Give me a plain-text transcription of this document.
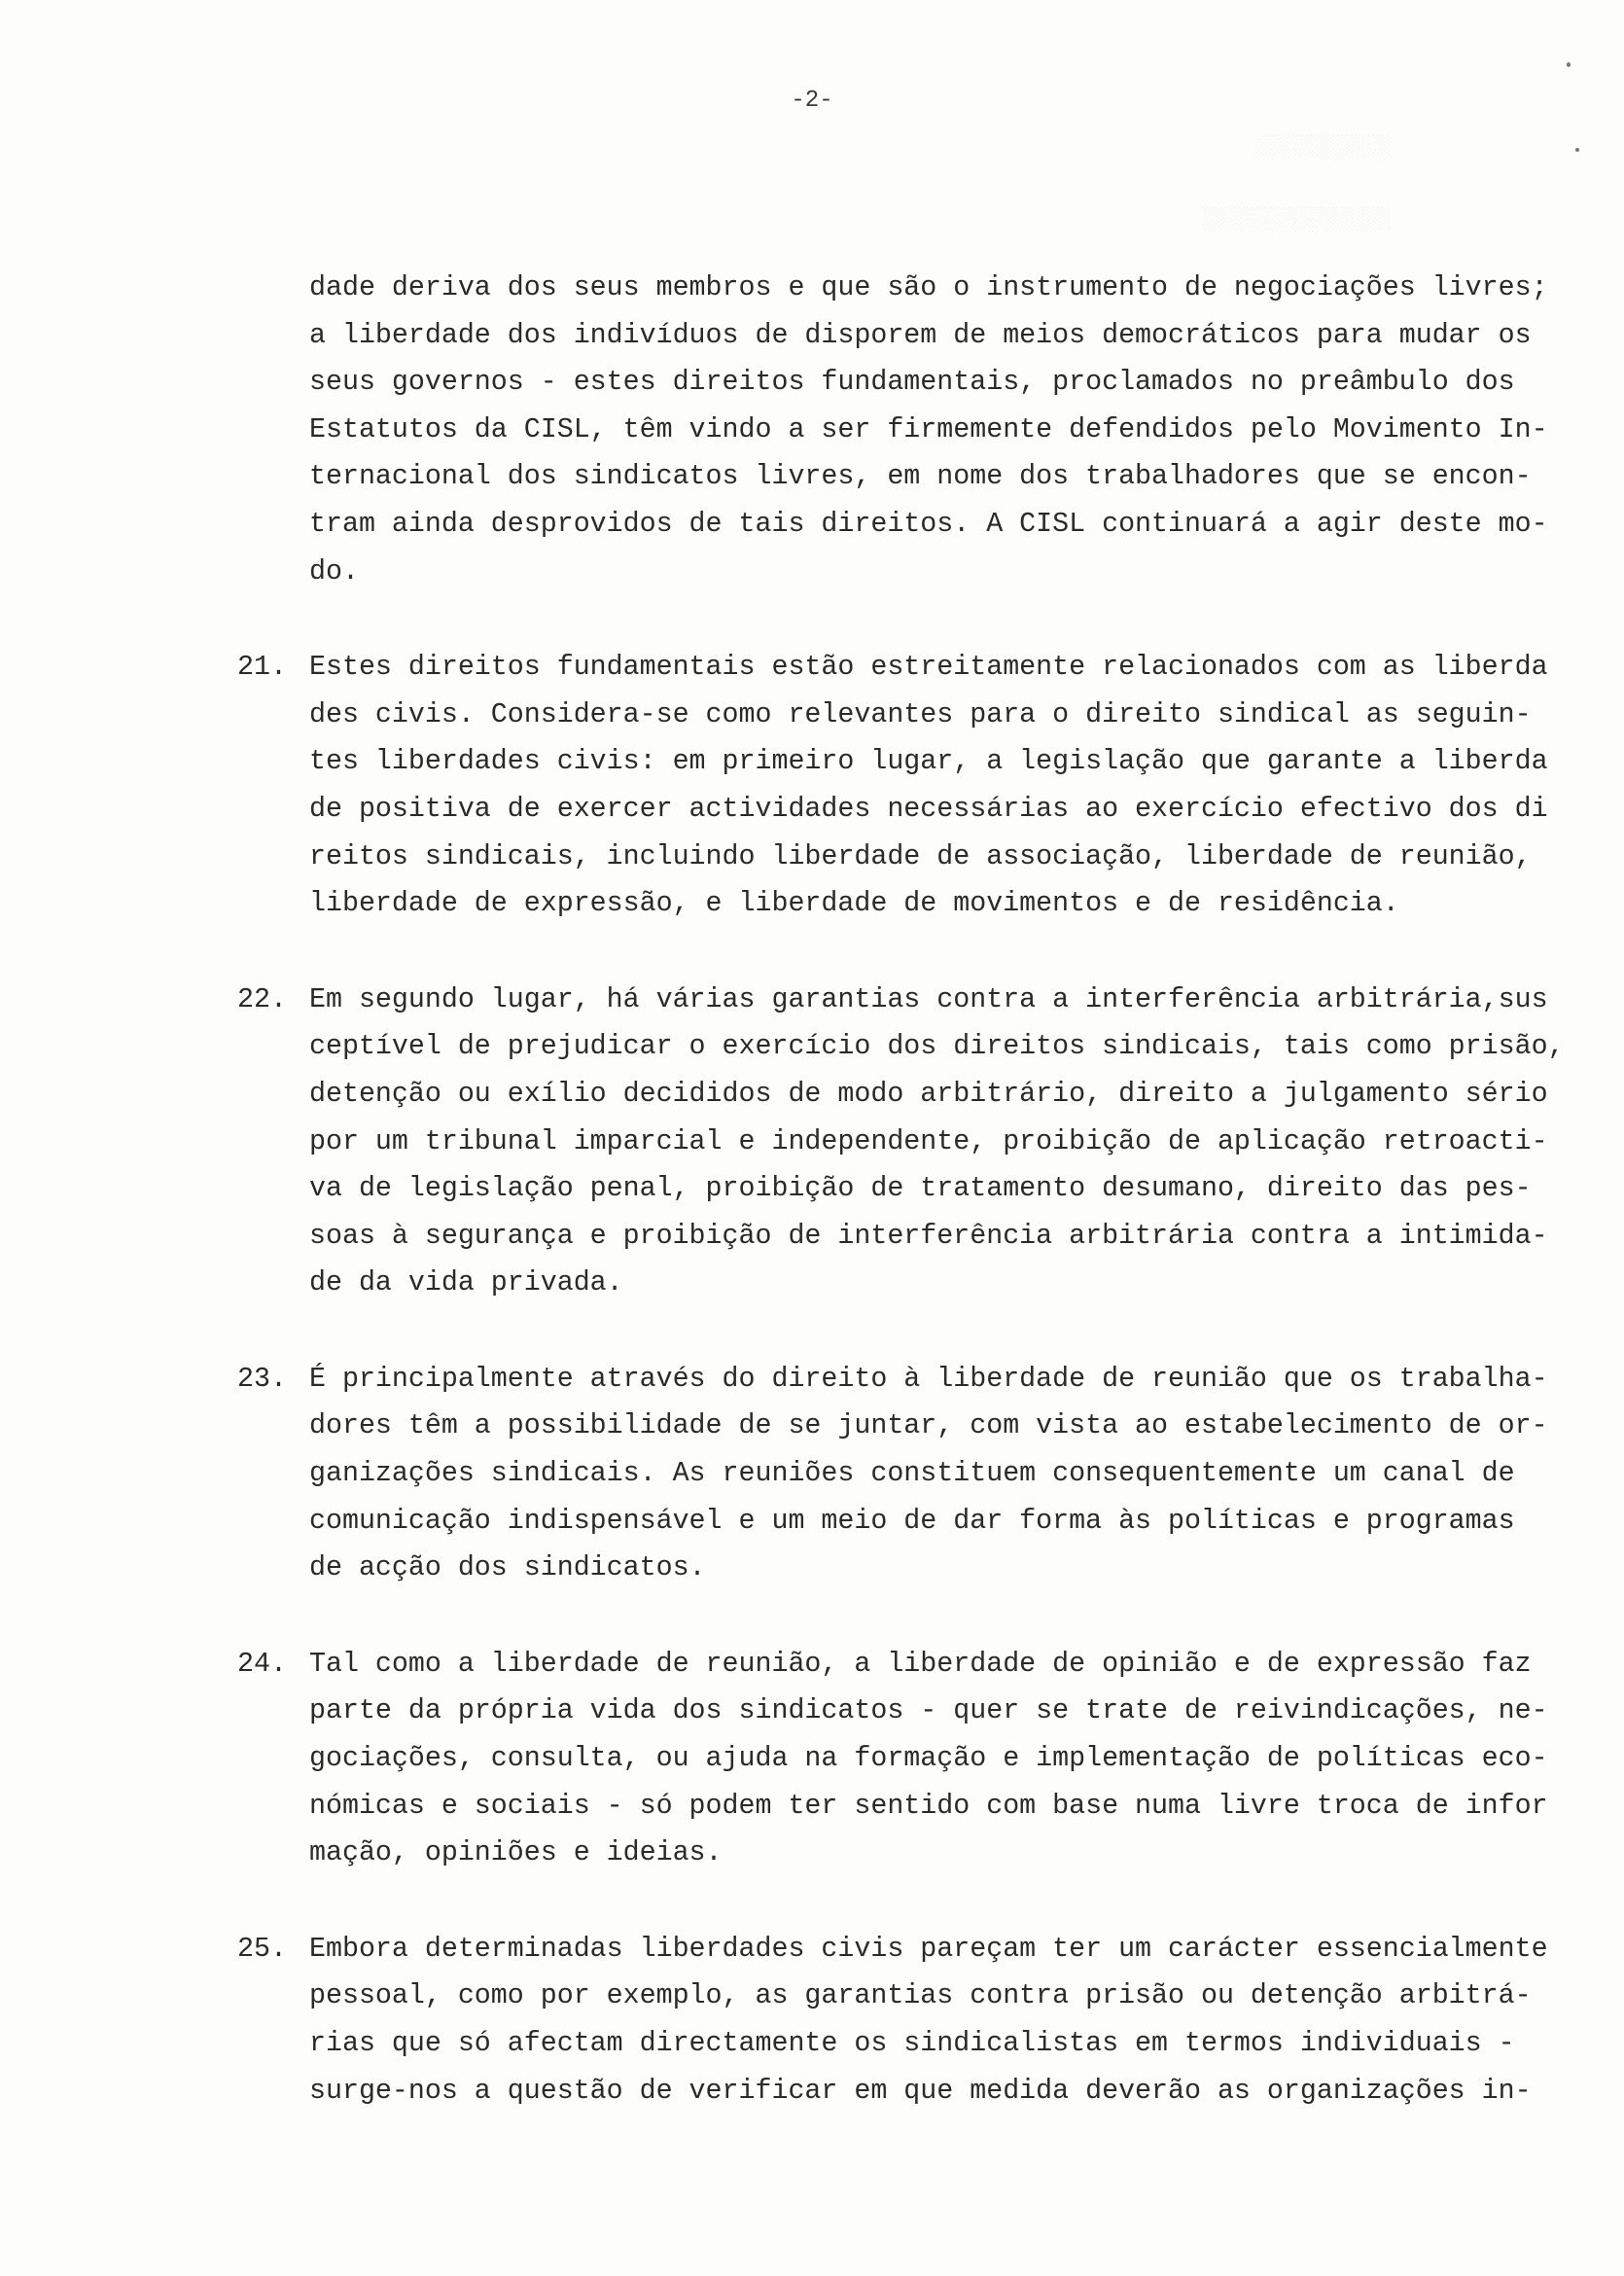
░░░░░░░░░░
░░░░░░░░░░░░░░
-2-
dade deriva dos seus membros e que são o instrumento de negociações livres;
a liberdade dos indivíduos de disporem de meios democráticos para mudar os
seus governos - estes direitos fundamentais, proclamados no preâmbulo dos
Estatutos da CISL, têm vindo a ser firmemente defendidos pelo Movimento In-
ternacional dos sindicatos livres, em nome dos trabalhadores que se encon-
tram ainda desprovidos de tais direitos. A CISL continuará a agir deste mo-
do.
21. Estes direitos fundamentais estão estreitamente relacionados com as liberda
des civis. Considera-se como relevantes para o direito sindical as seguin-
tes liberdades civis: em primeiro lugar, a legislação que garante a liberda
de positiva de exercer actividades necessárias ao exercício efectivo dos di
reitos sindicais, incluindo liberdade de associação, liberdade de reunião,
liberdade de expressão, e liberdade de movimentos e de residência.
22. Em segundo lugar, há várias garantias contra a interferência arbitrária,sus
ceptível de prejudicar o exercício dos direitos sindicais, tais como prisão,
detenção ou exílio decididos de modo arbitrário, direito a julgamento sério
por um tribunal imparcial e independente, proibição de aplicação retroacti-
va de legislação penal, proibição de tratamento desumano, direito das pes-
soas à segurança e proibição de interferência arbitrária contra a intimida-
de da vida privada.
23. É principalmente através do direito à liberdade de reunião que os trabalha-
dores têm a possibilidade de se juntar, com vista ao estabelecimento de or-
ganizações sindicais. As reuniões constituem consequentemente um canal de
comunicação indispensável e um meio de dar forma às políticas e programas
de acção dos sindicatos.
24. Tal como a liberdade de reunião, a liberdade de opinião e de expressão faz
parte da própria vida dos sindicatos - quer se trate de reivindicações, ne-
gociações, consulta, ou ajuda na formação e implementação de políticas eco-
nómicas e sociais - só podem ter sentido com base numa livre troca de infor
mação, opiniões e ideias.
25. Embora determinadas liberdades civis pareçam ter um carácter essencialmente
pessoal, como por exemplo, as garantias contra prisão ou detenção arbitrá-
rias que só afectam directamente os sindicalistas em termos individuais -
surge-nos a questão de verificar em que medida deverão as organizações in-
